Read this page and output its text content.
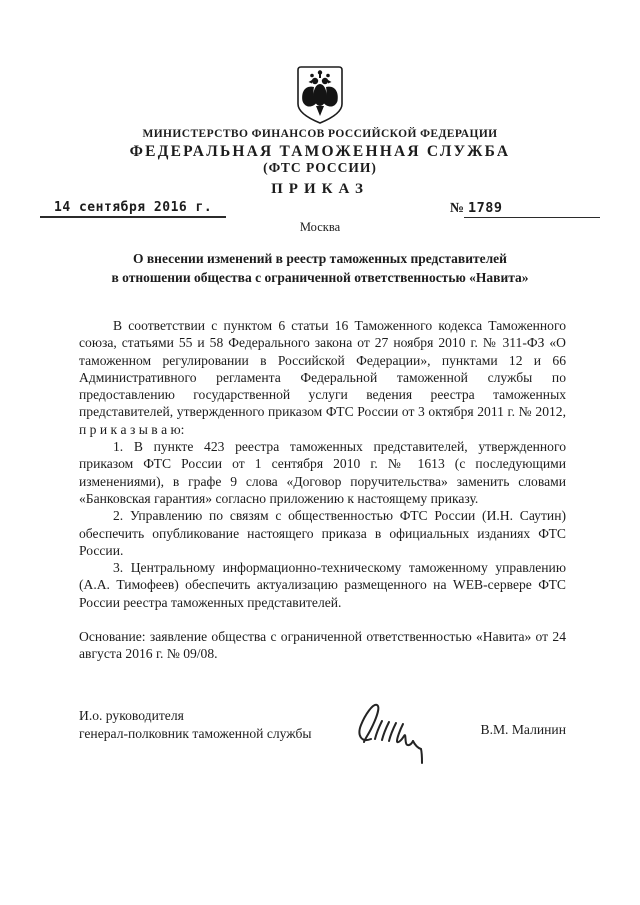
МИНИСТЕРСТВО ФИНАНСОВ РОССИЙСКОЙ ФЕДЕРАЦИИ
ФЕДЕРАЛЬНАЯ ТАМОЖЕННАЯ СЛУЖБА
(ФТС РОССИИ)
ПРИКАЗ
14 сентября 2016 г.	№ 1789
Москва
О внесении изменений в реестр таможенных представителей
в отношении общества с ограниченной ответственностью «Навита»

В соответствии с пунктом 6 статьи 16 Таможенного кодекса Таможенного союза, статьями 55 и 58 Федерального закона от 27 ноября 2010 г. № 311-ФЗ «О таможенном регулировании в Российской Федерации», пунктами 12 и 66 Административного регламента Федеральной таможенной службы по предоставлению государственной услуги ведения реестра таможенных представителей, утвержденного приказом ФТС России от 3 октября 2011 г. № 2012, п р и к а з ы в а ю:

1. В пункте 423 реестра таможенных представителей, утвержденного приказом ФТС России от 1 сентября 2010 г. № 1613 (с последующими изменениями), в графе 9 слова «Договор поручительства» заменить словами «Банковская гарантия» согласно приложению к настоящему приказу.

2. Управлению по связям с общественностью ФТС России (И.Н. Саутин) обеспечить опубликование настоящего приказа в официальных изданиях ФТС России.

3. Центральному информационно-техническому таможенному управлению (А.А. Тимофеев) обеспечить актуализацию размещенного на WEB-сервере ФТС России реестра таможенных представителей.

Основание: заявление общества с ограниченной ответственностью «Навита» от 24 августа 2016 г. № 09/08.

И.о. руководителя
генерал-полковник таможенной службы	В.М. Малинин
